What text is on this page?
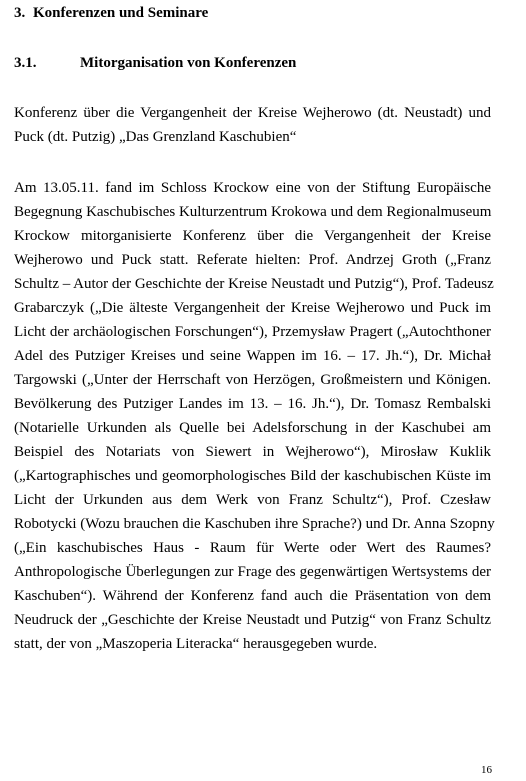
3. Konferenzen und Seminare
3.1.	Mitorganisation von Konferenzen
Konferenz über die Vergangenheit der Kreise Wejherowo (dt. Neustadt) und
Puck (dt. Putzig) „Das Grenzland Kaschubien“
Am 13.05.11. fand im Schloss Krockow eine von der Stiftung Europäische
Begegnung Kaschubisches Kulturzentrum Krokowa und dem Regionalmuseum
Krockow mitorganisierte Konferenz über die Vergangenheit der Kreise
Wejherowo und Puck statt. Referate hielten: Prof. Andrzej Groth („Franz
Schultz – Autor der Geschichte der Kreise Neustadt und Putzig“), Prof. Tadeusz
Grabarczyk („Die älteste Vergangenheit der Kreise Wejherowo und Puck im
Licht der archäologischen Forschungen“), Przemysław Pragert („Autochthoner
Adel des Putziger Kreises und seine Wappen im 16. – 17. Jh.“), Dr. Michał
Targowski („Unter der Herrschaft von Herzögen, Großmeistern und Königen.
Bevölkerung des Putziger Landes im 13. – 16. Jh.“), Dr. Tomasz Rembalski
(Notarielle Urkunden als Quelle bei Adelsforschung in der Kaschubei am
Beispiel des Notariats von Siewert in Wejherowo“), Mirosław Kuklik
(„Kartographisches und geomorphologisches Bild der kaschubischen Küste im
Licht der Urkunden aus dem Werk von Franz Schultz“), Prof. Czesław
Robotycki (Wozu brauchen die Kaschuben ihre Sprache?) und Dr. Anna Szopny
(„Ein kaschubisches Haus - Raum für Werte oder Wert des Raumes?
Anthropologische Überlegungen zur Frage des gegenwärtigen Wertsystems der
Kaschuben“). Während der Konferenz fand auch die Präsentation von dem
Neudruck der „Geschichte der Kreise Neustadt und Putzig“ von Franz Schultz
statt, der von „Maszoperia Literacka“ herausgegeben wurde.
16
